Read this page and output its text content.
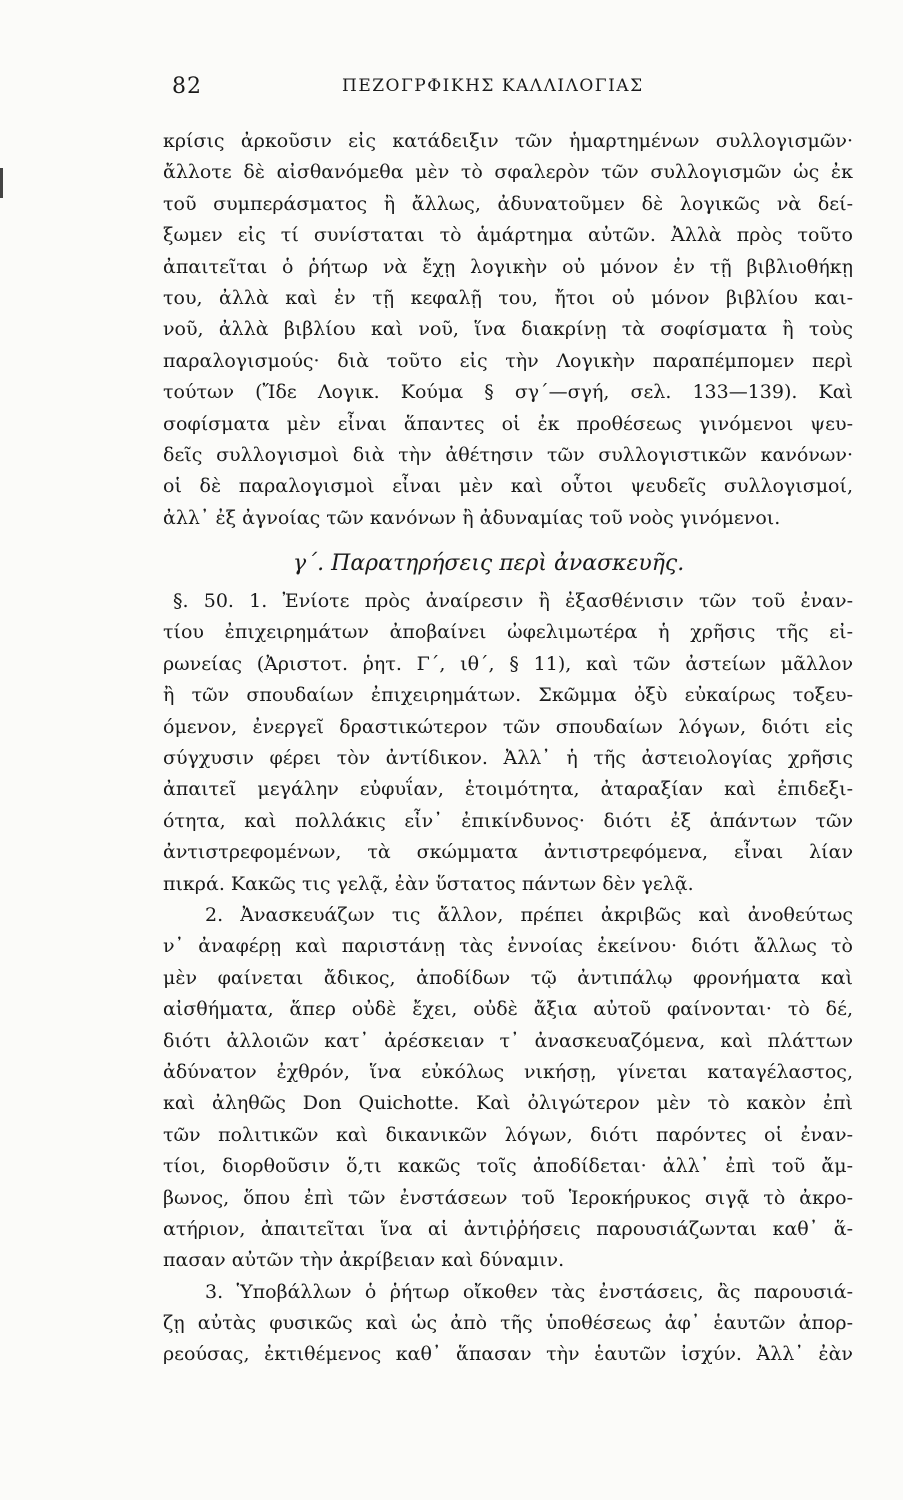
82	ΠΕΖΟΓΡΦΙΚΗΣ ΚΑΛΛΙΛΟΓΙΑΣ
κρίσις ἀρκοῦσιν εἰς κατάδειξιν τῶν ἡμαρτημένων συλλογισμῶν·
ἄλλοτε δὲ αἰσθανόμεθα μὲν τὸ σφαλερὸν τῶν συλλογισμῶν ὡς ἐκ
τοῦ συμπεράσματος ἢ ἄλλως, ἀδυνατοῦμεν δὲ λογικῶς νὰ δεί-
ξωμεν εἰς τί συνίσταται τὸ ἁμάρτημα αὐτῶν. Ἀλλὰ πρὸς τοῦτο
ἀπαιτεῖται ὁ ῥήτωρ νὰ ἔχῃ λογικὴν οὐ μόνον ἐν τῇ βιβλιοθήκῃ
του, ἀλλὰ καὶ ἐν τῇ κεφαλῇ του, ἤτοι οὐ μόνον βιβλίου και-
νοῦ, ἀλλὰ βιβλίου καὶ νοῦ, ἵνα διακρίνῃ τὰ σοφίσματα ἢ τοὺς
παραλογισμούς· διὰ τοῦτο εἰς τὴν Λογικὴν παραπέμπομεν περὶ
τούτων (Ἴδε Λογικ. Κούμα § σγ΄—σγή, σελ. 133—139). Καὶ
σοφίσματα μὲν εἶναι ἅπαντες οἱ ἐκ προθέσεως γινόμενοι ψευ-
δεῖς συλλογισμοὶ διὰ τὴν ἀθέτησιν τῶν συλλογιστικῶν κανόνων·
οἱ δὲ παραλογισμοὶ εἶναι μὲν καὶ οὗτοι ψευδεῖς συλλογισμοί,
ἀλλ᾽ ἐξ ἀγνοίας τῶν κανόνων ἢ ἀδυναμίας τοῦ νοὸς γινόμενοι.
γ΄. Παρατηρήσεις περὶ ἀνασκευῆς.
§. 50. 1. Ἐνίοτε πρὸς ἀναίρεσιν ἢ ἐξασθένισιν τῶν τοῦ ἐναν-
τίου ἐπιχειρημάτων ἀποβαίνει ὠφελιμωτέρα ἡ χρῆσις τῆς εἰ-
ρωνείας (Ἀριστοτ. ῥητ. Γ΄, ιθ΄, § 11), καὶ τῶν ἀστείων μᾶλλον
ἢ τῶν σπουδαίων ἐπιχειρημάτων. Σκῶμμα ὀξὺ εὐκαίρως τοξευ-
όμενον, ἐνεργεῖ δραστικώτερον τῶν σπουδαίων λόγων, διότι εἰς
σύγχυσιν φέρει τὸν ἀντίδικον. Ἀλλ᾽ ἡ τῆς ἀστειολογίας χρῆσις
ἀπαιτεῖ μεγάλην εὐφυΐαν, ἑτοιμότητα, ἀταραξίαν καὶ ἐπιδεξι-
ότητα, καὶ πολλάκις εἶν᾽ ἐπικίνδυνος· διότι ἐξ ἁπάντων τῶν
ἀντιστρεφομένων, τὰ σκώμματα ἀντιστρεφόμενα, εἶναι λίαν
πικρά. Κακῶς τις γελᾷ, ἐὰν ὕστατος πάντων δὲν γελᾷ.
2. Ἀνασκευάζων τις ἄλλον, πρέπει ἀκριβῶς καὶ ἀνοθεύτως
ν᾽ ἀναφέρῃ καὶ παριστάνῃ τὰς ἐννοίας ἐκείνου· διότι ἄλλως τὸ
μὲν φαίνεται ἄδικος, ἀποδίδων τῷ ἀντιπάλῳ φρονήματα καὶ
αἰσθήματα, ἅπερ οὐδὲ ἔχει, οὐδὲ ἄξια αὐτοῦ φαίνονται· τὸ δέ,
διότι ἀλλοιῶν κατ᾽ ἀρέσκειαν τ᾽ ἀνασκευαζόμενα, καὶ πλάττων
ἀδύνατον ἐχθρόν, ἵνα εὐκόλως νικήσῃ, γίνεται καταγέλαστος,
καὶ ἀληθῶς Don Quichotte. Καὶ ὀλιγώτερον μὲν τὸ κακὸν ἐπὶ
τῶν πολιτικῶν καὶ δικανικῶν λόγων, διότι παρόντες οἱ ἐναν-
τίοι, διορθοῦσιν ὅ,τι κακῶς τοῖς ἀποδίδεται· ἀλλ᾽ ἐπὶ τοῦ ἄμ-
βωνος, ὅπου ἐπὶ τῶν ἐνστάσεων τοῦ Ἱεροκήρυκος σιγᾷ τὸ ἀκρο-
ατήριον, ἀπαιτεῖται ἵνα αἱ ἀντιῤῥήσεις παρουσιάζωνται καθ᾽ ἅ-
πασαν αὐτῶν τὴν ἀκρίβειαν καὶ δύναμιν.
3. Ὑποβάλλων ὁ ῥήτωρ οἴκοθεν τὰς ἐνστάσεις, ἂς παρουσιά-
ζῃ αὐτὰς φυσικῶς καὶ ὡς ἀπὸ τῆς ὑποθέσεως ἀφ᾽ ἑαυτῶν ἀπορ-
ρεούσας, ἐκτιθέμενος καθ᾽ ἅπασαν τὴν ἑαυτῶν ἰσχύν. Ἀλλ᾽ ἐὰν
